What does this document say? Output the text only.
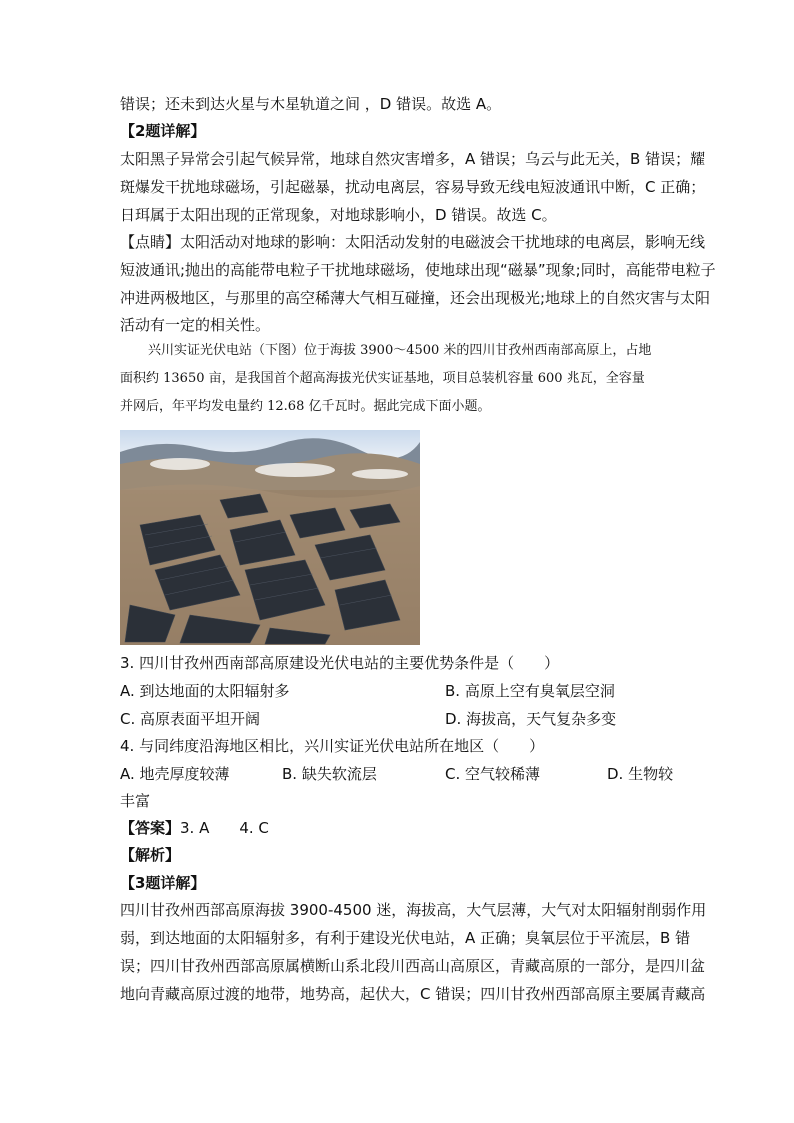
错误；还未到达火星与木星轨道之间 ，D 错误。故选 A。
【2题详解】
太阳黑子异常会引起气候异常，地球自然灾害增多，A 错误；乌云与此无关，B 错误；耀
斑爆发干扰地球磁场，引起磁暴，扰动电离层，容易导致无线电短波通讯中断，C 正确；
日珥属于太阳出现的正常现象，对地球影响小，D 错误。故选 C。
【点睛】太阳活动对地球的影响：太阳活动发射的电磁波会干扰地球的电离层，影响无线
短波通讯;抛出的高能带电粒子干扰地球磁场，使地球出现“磁暴”现象;同时，高能带电粒子
冲进两极地区，与那里的高空稀薄大气相互碰撞，还会出现极光;地球上的自然灾害与太阳
活动有一定的相关性。
兴川实证光伏电站（下图）位于海拔 3900～4500 米的四川甘孜州西南部高原上，占地
面积约 13650 亩，是我国首个超高海拔光伏实证基地，项目总装机容量 600 兆瓦，全容量
并网后，年平均发电量约 12.68 亿千瓦时。据此完成下面小题。
3. 四川甘孜州西南部高原建设光伏电站的主要优势条件是（　　）
A. 到达地面的太阳辐射多	B. 高原上空有臭氧层空洞
C. 高原表面平坦开阔	D. 海拔高，天气复杂多变
4. 与同纬度沿海地区相比，兴川实证光伏电站所在地区（　　）
A. 地壳厚度较薄	B. 缺失软流层	C. 空气较稀薄	D. 生物较
丰富
【答案】3. A　　4. C
【解析】
【3题详解】
四川甘孜州西部高原海拔 3900-4500 迷，海拔高，大气层薄，大气对太阳辐射削弱作用
弱，到达地面的太阳辐射多，有利于建设光伏电站，A 正确；臭氧层位于平流层，B 错
误；四川甘孜州西部高原属横断山系北段川西高山高原区，青藏高原的一部分，是四川盆
地向青藏高原过渡的地带，地势高，起伏大，C 错误；四川甘孜州西部高原主要属青藏高
